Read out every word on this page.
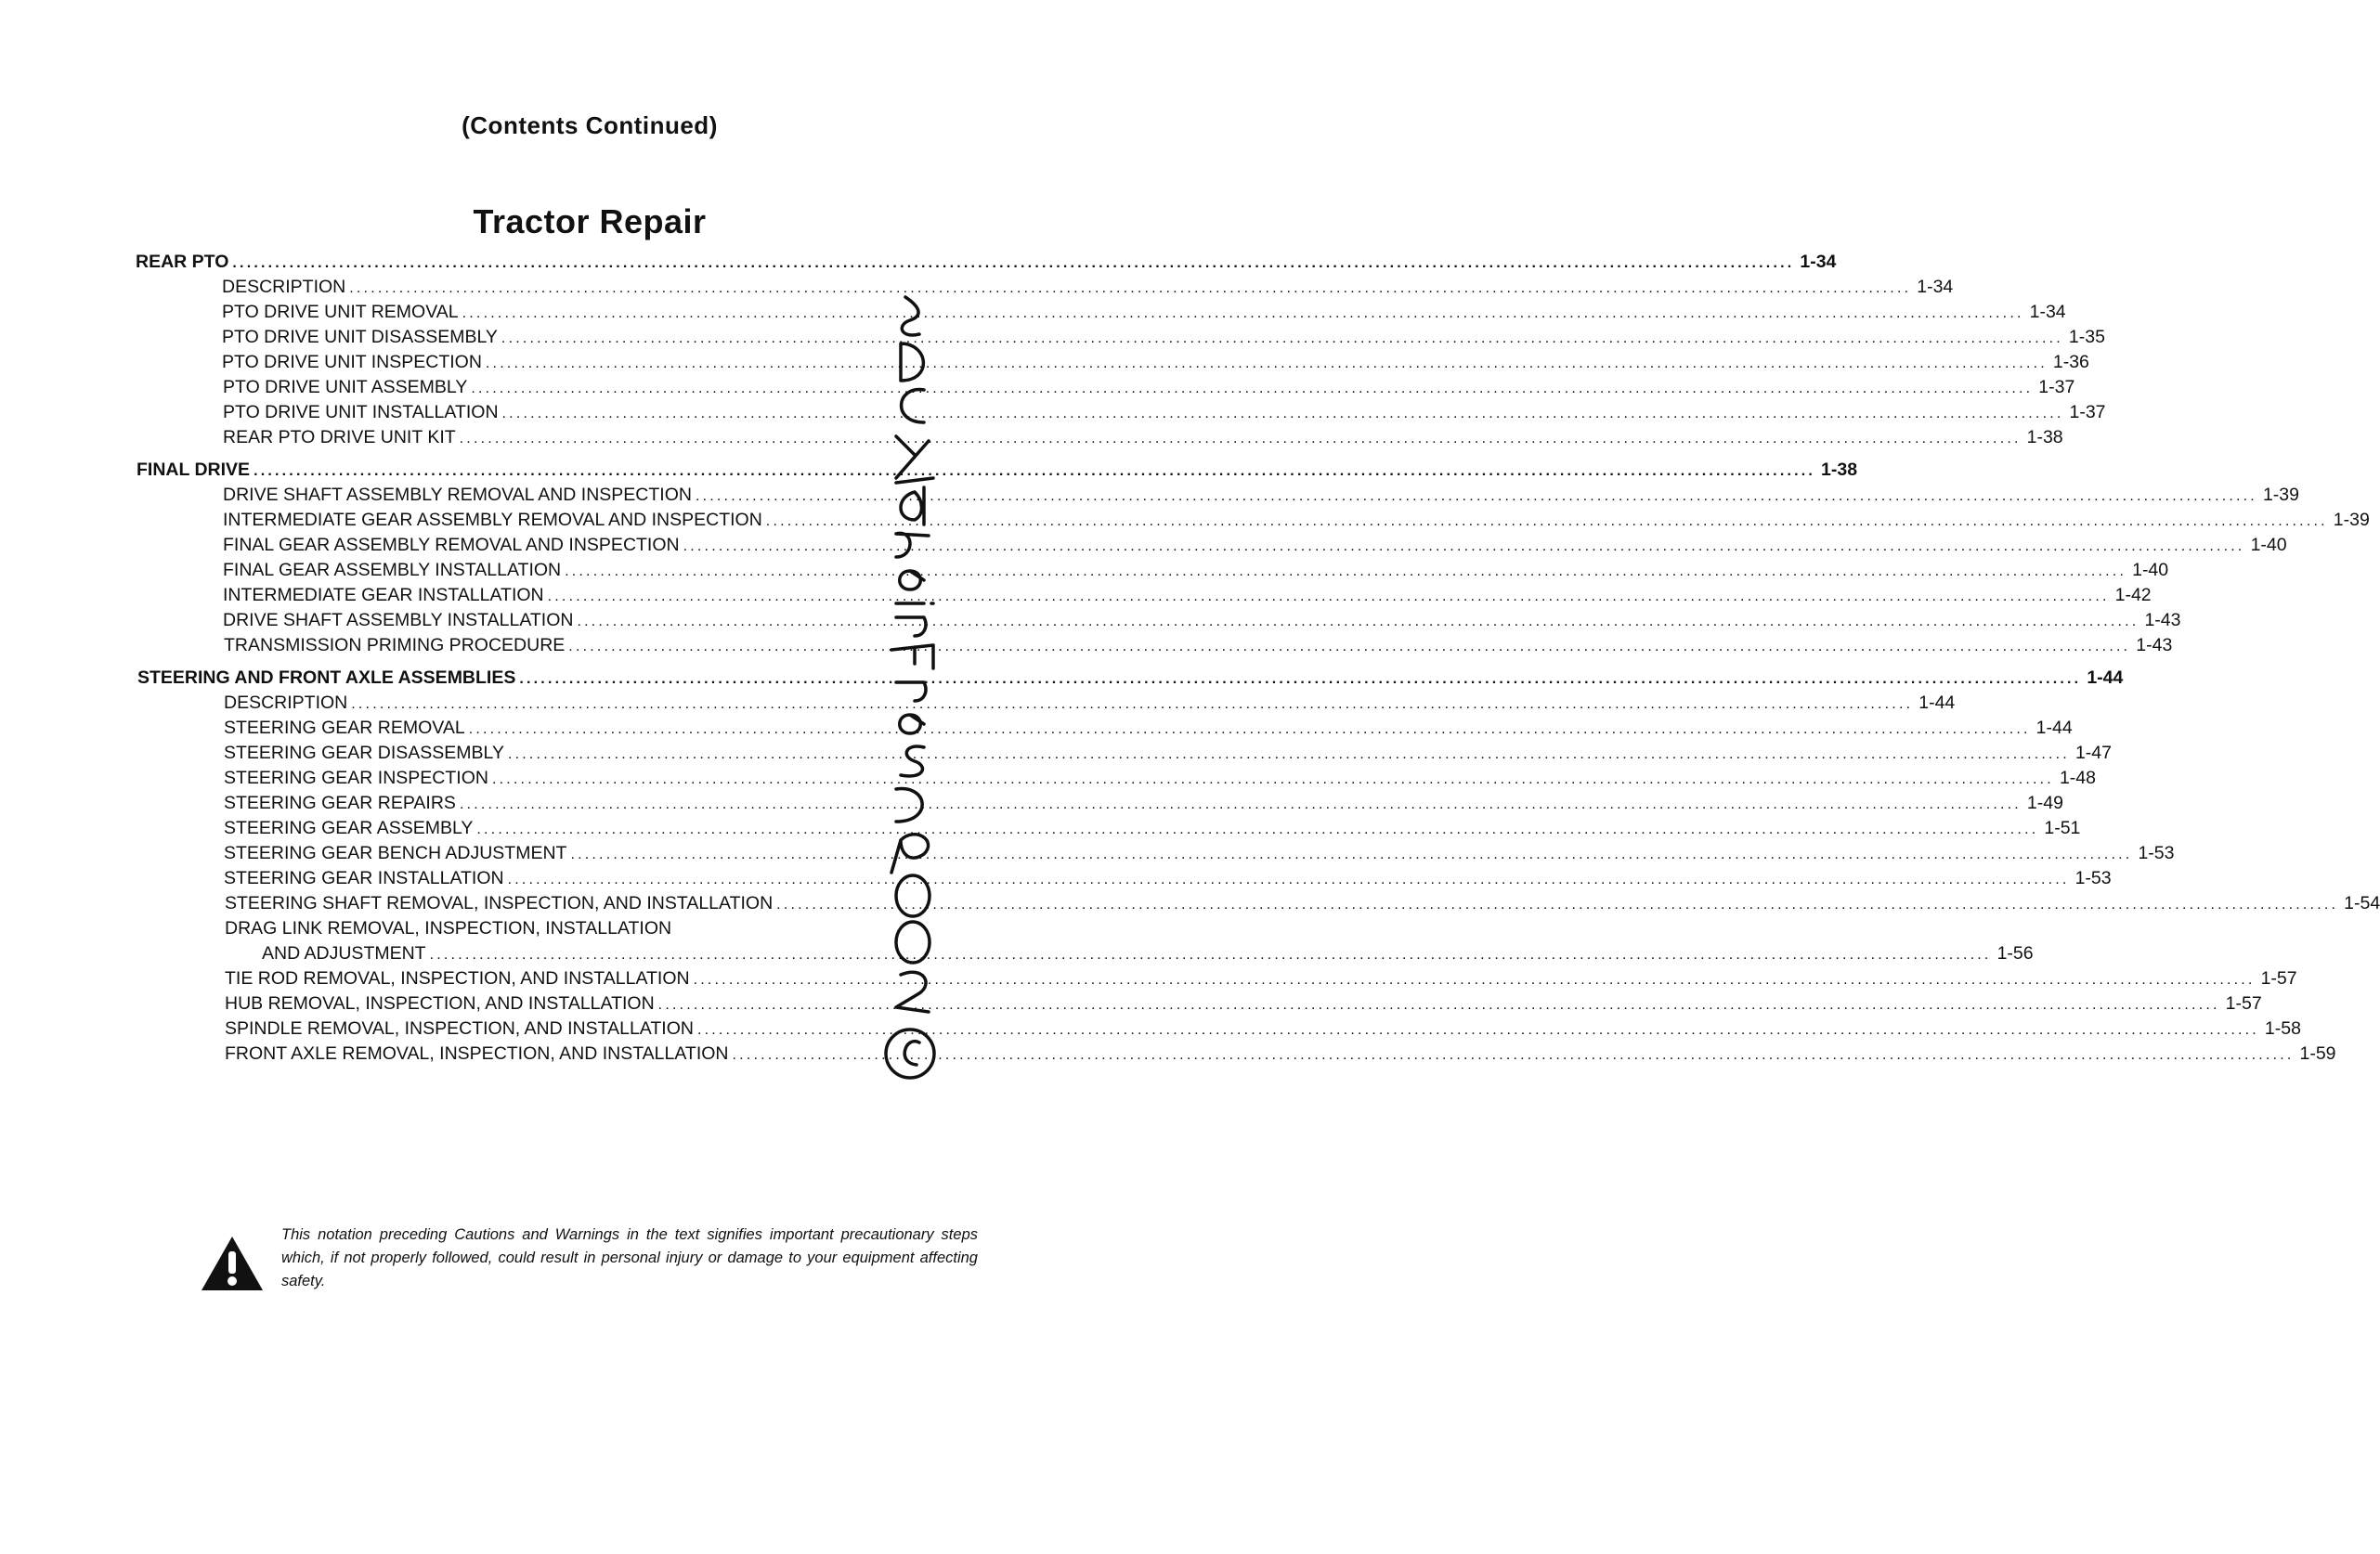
(Contents Continued)
Tractor Repair
REAR PTO ............................................................................................................................................................................................................................ 1-34
DESCRIPTION ............................................................................................................................................................................................................................ 1-34
PTO DRIVE UNIT REMOVAL ............................................................................................................................................................................................................................ 1-34
PTO DRIVE UNIT DISASSEMBLY ............................................................................................................................................................................................................................ 1-35
PTO DRIVE UNIT INSPECTION ............................................................................................................................................................................................................................ 1-36
PTO DRIVE UNIT ASSEMBLY ............................................................................................................................................................................................................................ 1-37
PTO DRIVE UNIT INSTALLATION ............................................................................................................................................................................................................................ 1-37
REAR PTO DRIVE UNIT KIT ............................................................................................................................................................................................................................ 1-38
FINAL DRIVE ............................................................................................................................................................................................................................ 1-38
DRIVE SHAFT ASSEMBLY REMOVAL AND INSPECTION ............................................................................................................................................................................................................................ 1-39
INTERMEDIATE GEAR ASSEMBLY REMOVAL AND INSPECTION ............................................................................................................................................................................................................................ 1-39
FINAL GEAR ASSEMBLY REMOVAL AND INSPECTION ............................................................................................................................................................................................................................ 1-40
FINAL GEAR ASSEMBLY INSTALLATION ............................................................................................................................................................................................................................ 1-40
INTERMEDIATE GEAR INSTALLATION ............................................................................................................................................................................................................................ 1-42
DRIVE SHAFT ASSEMBLY INSTALLATION ............................................................................................................................................................................................................................ 1-43
TRANSMISSION PRIMING PROCEDURE ............................................................................................................................................................................................................................ 1-43
STEERING AND FRONT AXLE ASSEMBLIES ............................................................................................................................................................................................................................ 1-44
DESCRIPTION ............................................................................................................................................................................................................................ 1-44
STEERING GEAR REMOVAL ............................................................................................................................................................................................................................ 1-44
STEERING GEAR DISASSEMBLY ............................................................................................................................................................................................................................ 1-47
STEERING GEAR INSPECTION ............................................................................................................................................................................................................................ 1-48
STEERING GEAR REPAIRS ............................................................................................................................................................................................................................ 1-49
STEERING GEAR ASSEMBLY ............................................................................................................................................................................................................................ 1-51
STEERING GEAR BENCH ADJUSTMENT ............................................................................................................................................................................................................................ 1-53
STEERING GEAR INSTALLATION ............................................................................................................................................................................................................................ 1-53
STEERING SHAFT REMOVAL, INSPECTION, AND INSTALLATION ............................................................................................................................................................................................................................ 1-54
DRAG LINK REMOVAL, INSPECTION, INSTALLATION
AND ADJUSTMENT ............................................................................................................................................................................................................................ 1-56
TIE ROD REMOVAL, INSPECTION, AND INSTALLATION ............................................................................................................................................................................................................................ 1-57
HUB REMOVAL, INSPECTION, AND INSTALLATION ............................................................................................................................................................................................................................ 1-57
SPINDLE REMOVAL, INSPECTION, AND INSTALLATION ............................................................................................................................................................................................................................ 1-58
FRONT AXLE REMOVAL, INSPECTION, AND INSTALLATION ............................................................................................................................................................................................................................ 1-59
This notation preceding Cautions and Warnings in the text signifies important precautionary steps which, if not properly followed, could result in personal injury or damage to your equipment affecting safety.
